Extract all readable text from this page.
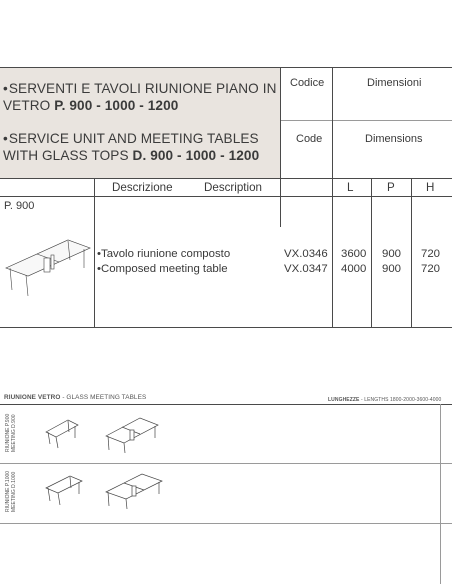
•SERVENTI E TAVOLI RIUNIONE PIANO IN VETRO P. 900 - 1000 - 1200
•SERVICE UNIT AND MEETING TABLES WITH GLASS TOPS D. 900 - 1000 - 1200
Codice	Dimensioni
Code	Dimensions
Descrizione	Description	L	P	H
P. 900
•Tavolo riunione composto
•Composed meeting table
VX.0346 3600 900 720
VX.0347 4000 900 720
RIUNIONE VETRO - GLASS MEETING TABLES	LUNGHEZZE - LENGTHS 1800-2000-3600-4000
RIUNIONE P.900 MEETING D.900
RIUNIONE P.1000 MEETING D.1000
